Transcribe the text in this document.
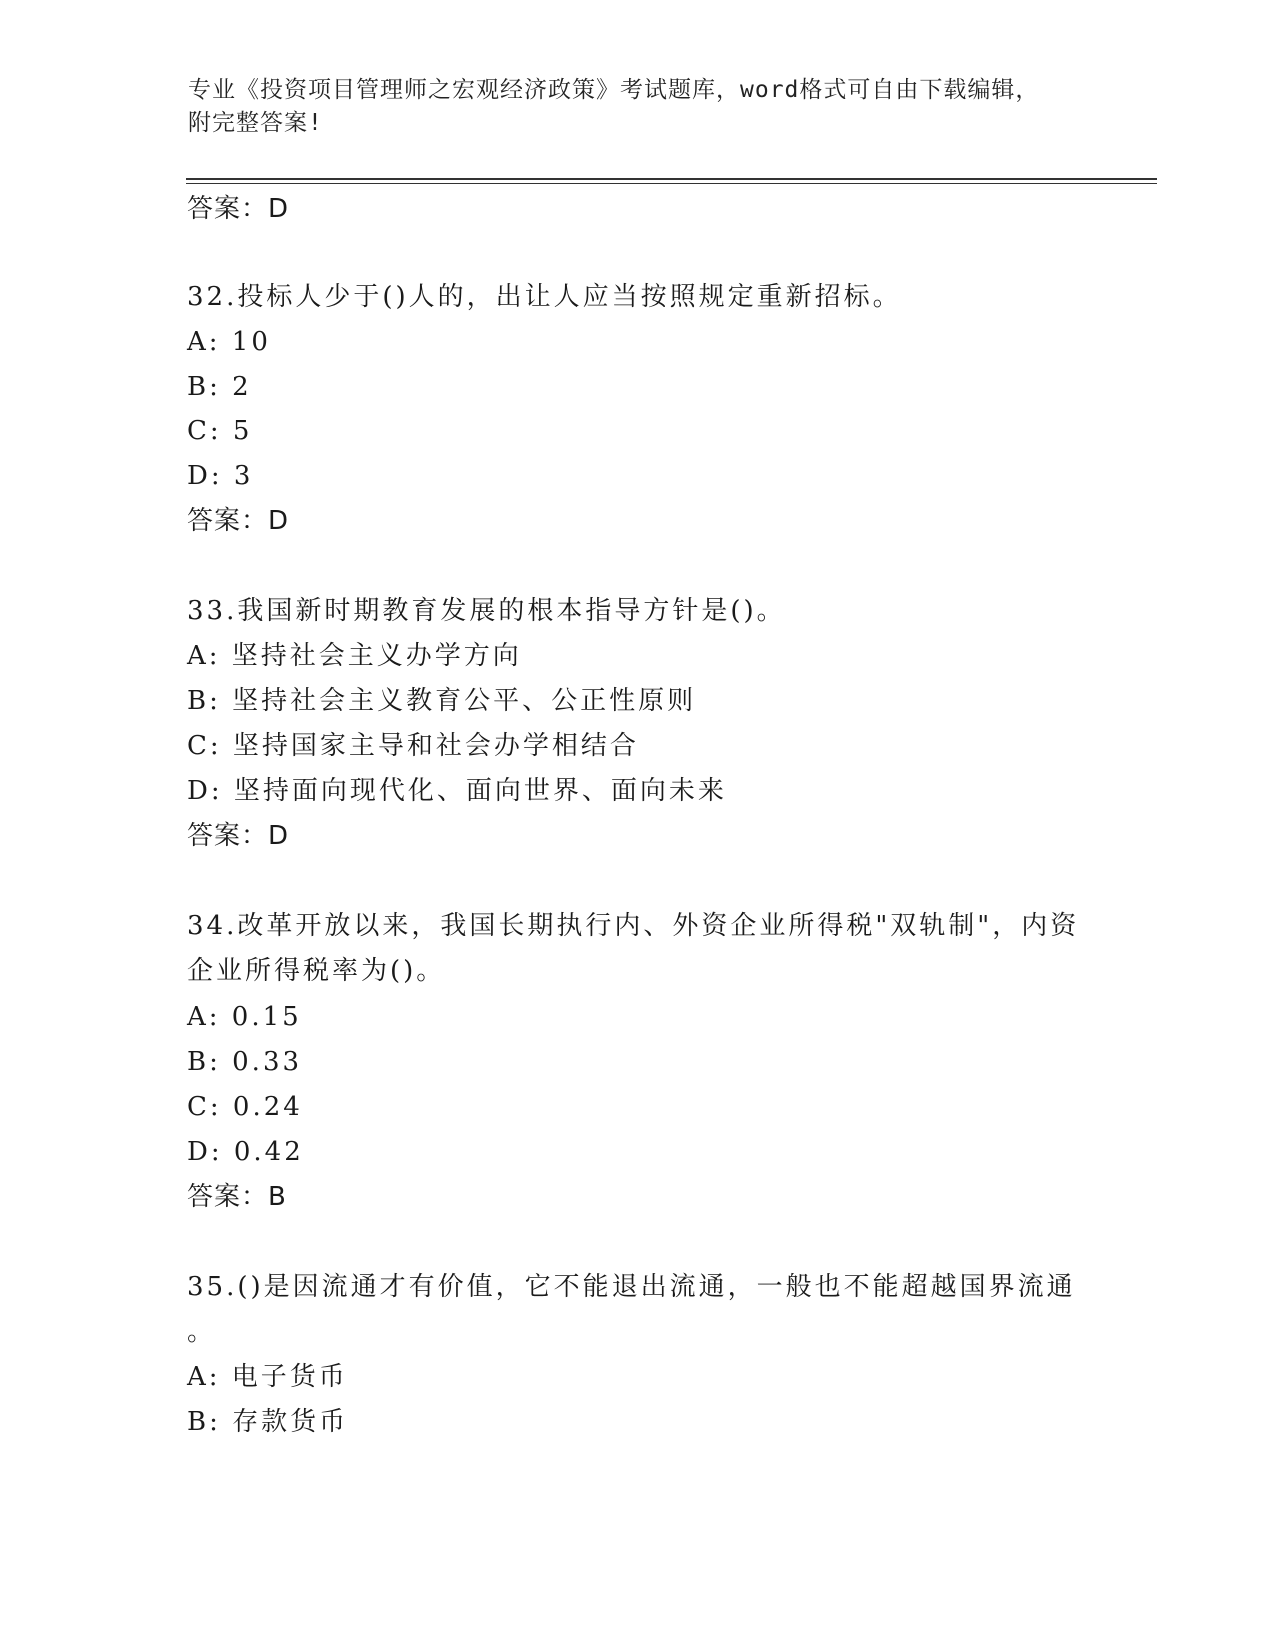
专业《投资项目管理师之宏观经济政策》考试题库，word格式可自由下载编辑，
附完整答案!
答案：D
32.投标人少于()人的，出让人应当按照规定重新招标。
A: 10
B: 2
C: 5
D: 3
答案：D
33.我国新时期教育发展的根本指导方针是()。
A: 坚持社会主义办学方向
B: 坚持社会主义教育公平、公正性原则
C: 坚持国家主导和社会办学相结合
D: 坚持面向现代化、面向世界、面向未来
答案：D
34.改革开放以来，我国长期执行内、外资企业所得税"双轨制"，内资
企业所得税率为()。
A: 0.15
B: 0.33
C: 0.24
D: 0.42
答案：B
35.()是因流通才有价值，它不能退出流通，一般也不能超越国界流通
。
A: 电子货币
B: 存款货币
